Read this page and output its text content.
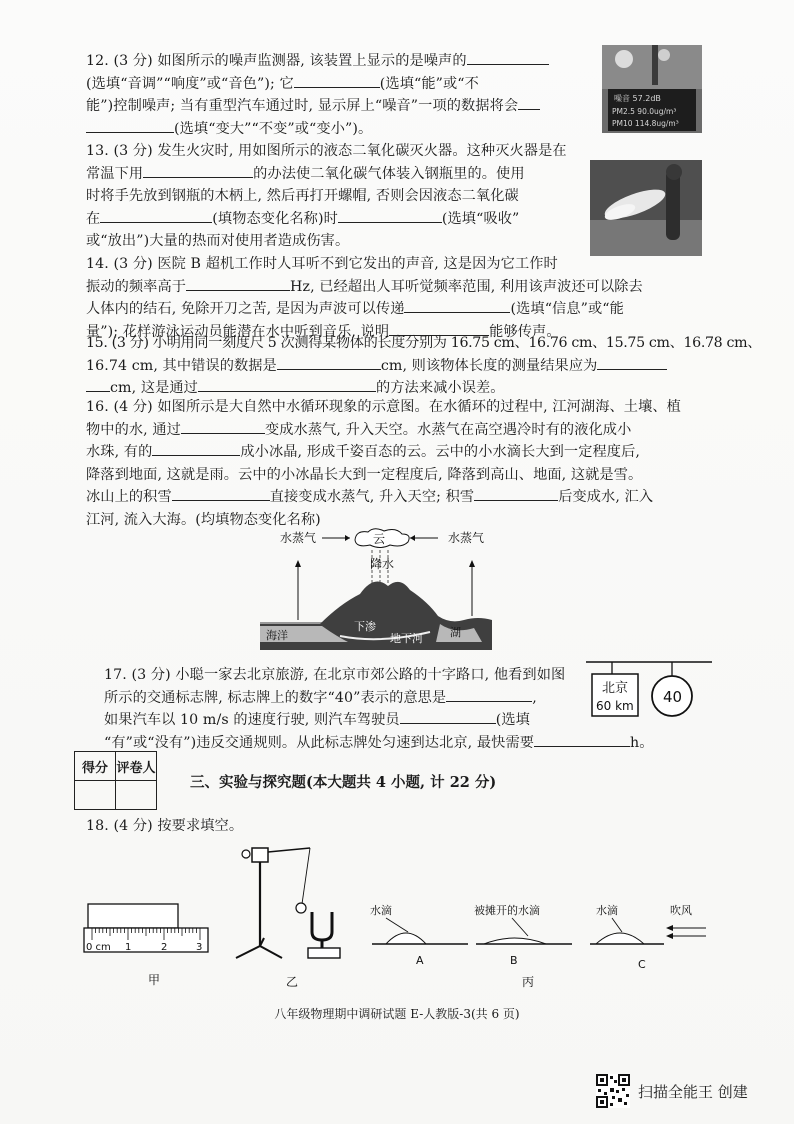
12. (3 分) 如图所示的噪声监测器, 该装置上显示的是噪声的

(选填“音调”“响度”或“音色”); 它	(选填“能”或“不

能”)控制噪声; 当有重型汽车通过时, 显示屏上“噪音”一项的数据将会

(选填“变大”“不变”或“变小”)。

噪音 57.2dB
PM2.5 90.0ug/m³
PM10 114.8ug/m³

13. (3 分) 发生火灾时, 用如图所示的液态二氧化碳灭火器。这种灭火器是在

常温下用	的办法使二氧化碳气体装入钢瓶里的。使用

时将手先放到钢瓶的木柄上, 然后再打开螺帽, 否则会因液态二氧化碳

在	(填物态变化名称)时	(选填“吸收”

或“放出”)大量的热而对使用者造成伤害。

14. (3 分) 医院 B 超机工作时人耳听不到它发出的声音, 这是因为它工作时

振动的频率高于	Hz, 已经超出人耳听觉频率范围, 利用该声波还可以除去

人体内的结石, 免除开刀之苦, 是因为声波可以传递	(选填“信息”或“能

量”); 花样游泳运动员能潜在水中听到音乐, 说明	能够传声。

15. (3 分) 小明用同一刻度尺 5 次测得某物体的长度分别为 16.75 cm、16.76 cm、15.75 cm、16.78 cm、

16.74 cm, 其中错误的数据是	cm, 则该物体长度的测量结果应为

cm, 这是通过	的方法来减小误差。

16. (4 分) 如图所示是大自然中水循环现象的示意图。在水循环的过程中, 江河湖海、土壤、植

物中的水, 通过	变成水蒸气, 升入天空。水蒸气在高空遇冷时有的液化成小

水珠, 有的	成小冰晶, 形成千姿百态的云。云中的小水滴长大到一定程度后,

降落到地面, 这就是雨。云中的小冰晶长大到一定程度后, 降落到高山、地面, 这就是雪。

冰山上的积雪	直接变成水蒸气, 升入天空; 积雪	后变成水, 汇入

江河, 流入大海。(均填物态变化名称)

水蒸气	云	水蒸气
降水
海洋
下渗
地下河 湖

17. (3 分) 小聪一家去北京旅游, 在北京市郊公路的十字路口, 他看到如图

所示的交通标志牌, 标志牌上的数字“40”表示的意思是	,

如果汽车以 10 m/s 的速度行驶, 则汽车驾驶员	(选填

“有”或“没有”)违反交通规则。从此标志牌处匀速到达北京, 最快需要	h。

北京
60 km 40
得分	评卷人

三、实验与探究题(本大题共 4 小题, 计 22 分)

18. (4 分) 按要求填空。

0 cm 1	2	3
甲	乙
水滴
A
被摊开的水滴
B
水滴
C
吹风
丙
八年级物理期中调研试题 E-人教版-3(共 6 页)
扫描全能王 创建
